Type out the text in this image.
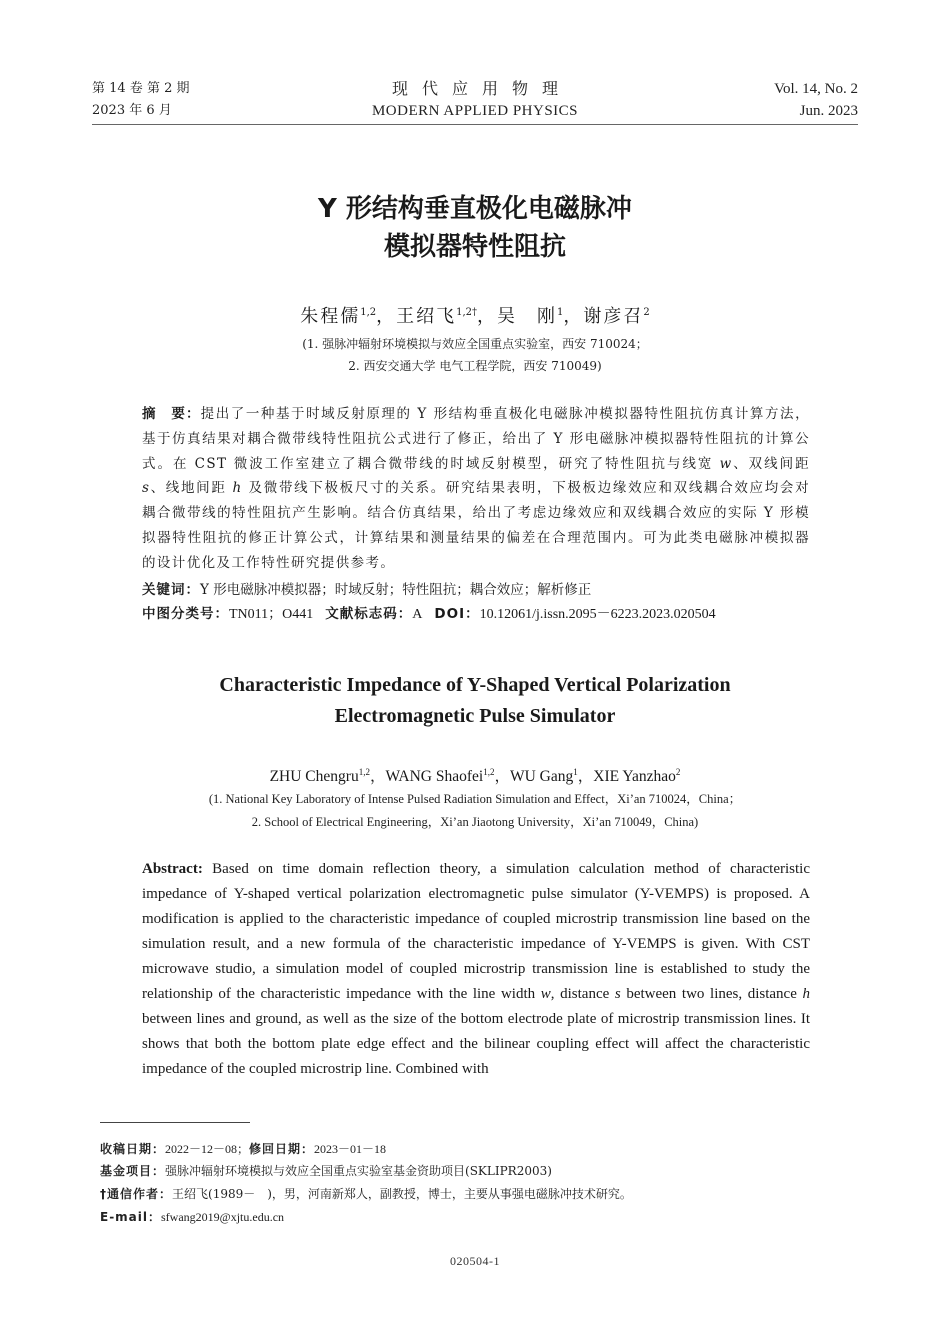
第 14 卷 第 2 期
2023 年 6 月
现代应用物理
MODERN APPLIED PHYSICS
Vol. 14, No. 2
Jun. 2023
Y 形结构垂直极化电磁脉冲
模拟器特性阻抗
朱程儒$^{1,2}$，王绍飞$^{1,2\dagger}$，吴　刚$^1$，谢彦召$^2$
(1. 强脉冲辐射环境模拟与效应全国重点实验室，西安 710024；
2. 西安交通大学 电气工程学院，西安 710049)
摘　要：提出了一种基于时域反射原理的 Y 形结构垂直极化电磁脉冲模拟器特性阻抗仿真计算方法，基于仿真结果对耦合微带线特性阻抗公式进行了修正，给出了 Y 形电磁脉冲模拟器特性阻抗的计算公式。在 CST 微波工作室建立了耦合微带线的时域反射模型，研究了特性阻抗与线宽 w、双线间距 s、线地间距 h 及微带线下极板尺寸的关系。研究结果表明，下极板边缘效应和双线耦合效应均会对耦合微带线的特性阻抗产生影响。结合仿真结果，给出了考虑边缘效应和双线耦合效应的实际 Y 形模拟器特性阻抗的修正计算公式，计算结果和测量结果的偏差在合理范围内。可为此类电磁脉冲模拟器的设计优化及工作特性研究提供参考。
关键词：Y 形电磁脉冲模拟器；时域反射；特性阻抗；耦合效应；解析修正
中图分类号：TN011；O441 文献标志码：A DOI：10.12061/j.issn.2095－6223.2023.020504
Characteristic Impedance of Y-Shaped Vertical Polarization
Electromagnetic Pulse Simulator
ZHU Chengru$^{1,2}$，WANG Shaofei$^{1,2}$，WU Gang$^1$，XIE Yanzhao$^2$
(1. National Key Laboratory of Intense Pulsed Radiation Simulation and Effect，Xi’an 710024，China；
2. School of Electrical Engineering，Xi’an Jiaotong University，Xi’an 710049，China)
Abstract: Based on time domain reflection theory, a simulation calculation method of characteristic impedance of Y-shaped vertical polarization electromagnetic pulse simulator (Y-VEMPS) is proposed. A modification is applied to the characteristic impedance of coupled microstrip transmission line based on the simulation result, and a new formula of the characteristic impedance of Y-VEMPS is given. With CST microwave studio, a simulation model of coupled microstrip transmission line is established to study the relationship of the characteristic impedance with the line width w, distance s between two lines, distance h between lines and ground, as well as the size of the bottom electrode plate of microstrip transmission lines. It shows that both the bottom plate edge effect and the bilinear coupling effect will affect the characteristic impedance of the coupled microstrip line. Combined with
收稿日期：2022－12－08；修回日期：2023－01－18
基金项目：强脉冲辐射环境模拟与效应全国重点实验室基金资助项目(SKLIPR2003)
†通信作者：王绍飞(1989－　)，男，河南新郑人，副教授，博士，主要从事强电磁脉冲技术研究。
E-mail：sfwang2019@xjtu.edu.cn
020504-1
